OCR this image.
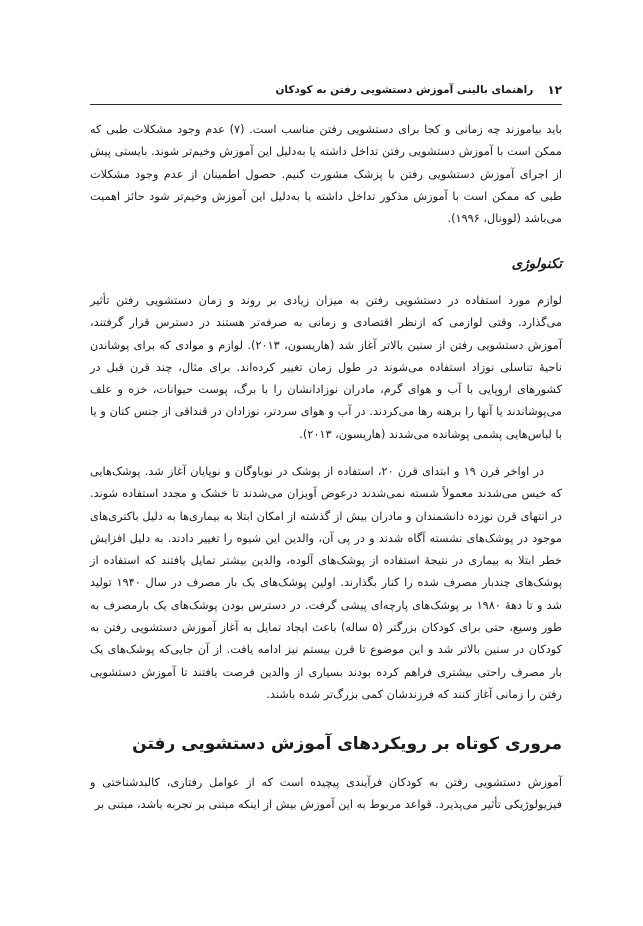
۱۲
راهنمای بالینی آموزش دستشویی رفتن به کودکان

باید بیاموزند چه زمانی و کجا برای دستشویی رفتن مناسب است. (۷) عدم وجود مشکلات طبی که ممکن است با آموزش دستشویی رفتن تداخل داشته یا به‌دلیل این آموزش وخیم‌تر شوند. بایستی پیش از اجرای آموزش دستشویی رفتن با پزشک مشورت کنیم. حصول اطمینان از عدم وجود مشکلات طبی که ممکن است با آموزش مذکور تداخل داشته یا به‌دلیل این آموزش وخیم‌تر شود حائز اهمیت می‌باشد (لوونال، ۱۹۹۶).

تکنولوژی

لوازم مورد استفاده در دستشویی رفتن به میزان زیادی بر روند و زمان دستشویی رفتن تأثیر می‌گذارد. وقتی لوازمی که ازنظر اقتصادی و زمانی به صرفه‌تر هستند در دسترس قرار گرفتند، آموزش دستشویی رفتن از سنین بالاتر آغاز شد (هاریسون، ۲۰۱۳). لوازم و موادی که برای پوشاندن ناحیهٔ تناسلی نوزاد استفاده می‌شوند در طول زمان تغییر کرده‌اند. برای مثال، چند قرن قبل در کشورهای اروپایی با آب و هوای گرم، مادران نوزادانشان را با برگ، پوست حیوانات، خزه و علف می‌پوشاندند یا آنها را برهنه رها می‌کردند. در آب و هوای سردتر، نوزادان در قنداقی از جنس کتان و یا با لباس‌هایی پشمی پوشانده می‌شدند (هاریسون، ۲۰۱۳).

در اواخر قرن ۱۹ و ابتدای قرن ۲۰، استفاده از پوشک در نوباوگان و نوپایان آغاز شد. پوشک‌هایی که خیس می‌شدند معمولاً شسته نمی‌شدند درعوض آویزان می‌شدند تا خشک و مجدد استفاده شوند. در انتهای قرن نوزده دانشمندان و مادران بیش از گذشته از امکان ابتلا به بیماری‌ها به دلیل باکتری‌های موجود در پوشک‌های نشسته آگاه شدند و در پی آن، والدین این شیوه را تغییر دادند. به دلیل افزایش خطر ابتلا به بیماری در نتیجهٔ استفاده از پوشک‌های آلوده، والدین بیشتر تمایل یافتند که استفاده از پوشک‌های چندبار مصرف شده را کنار بگذارند. اولین پوشک‌های یک بار مصرف در سال ۱۹۴۰ تولید شد و تا دههٔ ۱۹۸۰ بر پوشک‌های پارچه‌ای پیشی گرفت. در دسترس بودن پوشک‌های یک بارمصرف به طور وسیع، حتی برای کودکان بزرگتر (۵ ساله) باعث ایجاد تمایل به آغاز آموزش دستشویی رفتن به کودکان در سنین بالاتر شد و این موضوع تا قرن بیستم نیز ادامه یافت. از آن جایی‌که پوشک‌های یک بار مصرف راحتی بیشتری فراهم کرده بودند بسیاری از والدین فرصت یافتند تا آموزش دستشویی رفتن را زمانی آغاز کنند که فرزندشان کمی بزرگ‌تر شده باشند.

مروری کوتاه بر رویکردهای آموزش دستشویی رفتن

آموزش دستشویی رفتن به کودکان فرآیندی پیچیده است که از عوامل رفتاری، کالبدشناختی و فیزیولوژیکی تأثیر می‌پذیرد. قواعد مربوط به این آموزش بیش از اینکه مبتنی بر تجربه باشد، مبتنی بر
